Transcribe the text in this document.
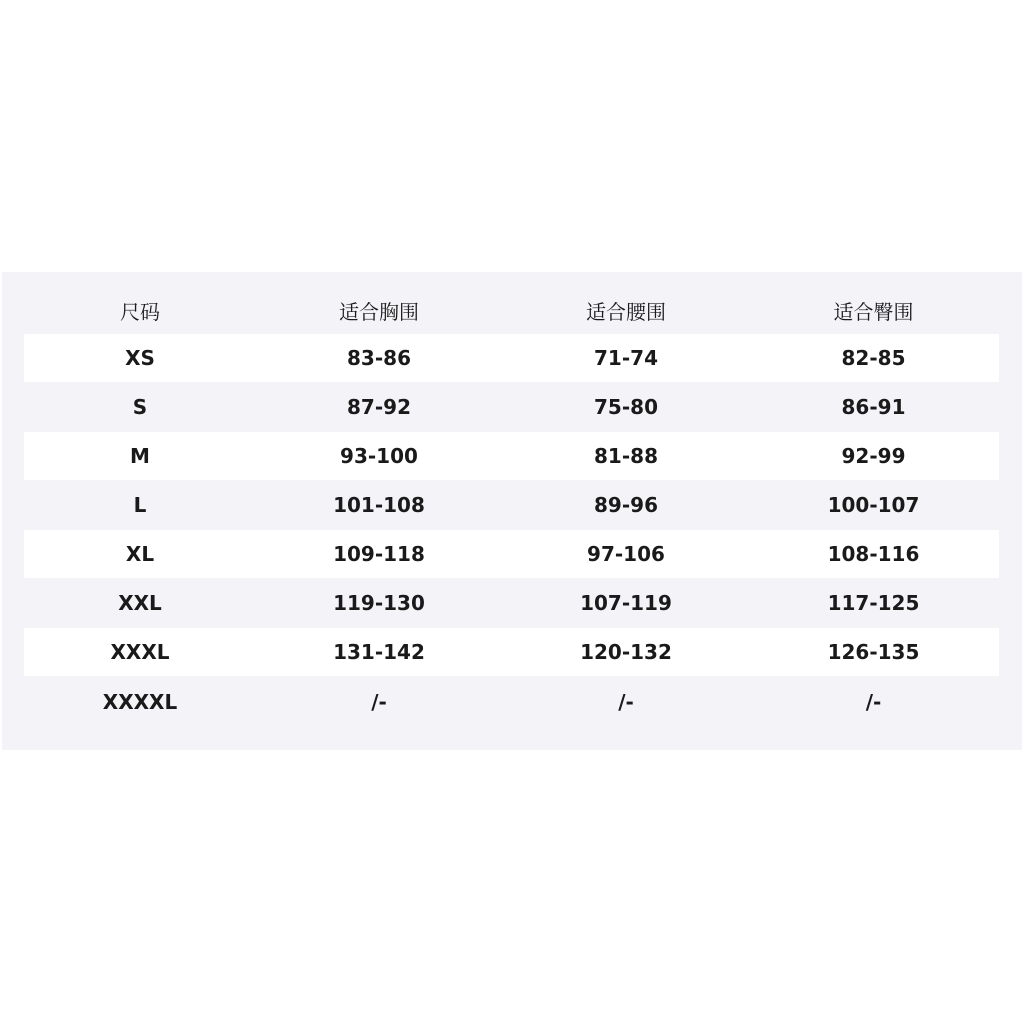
尺码	适合胸围	适合腰围	适合臀围
XS	83-86	71-74	82-85
S	87-92	75-80	86-91
M	93-100	81-88	92-99
L	101-108	89-96	100-107
XL	109-118	97-106	108-116
XXL	119-130	107-119	117-125
XXXL	131-142	120-132	126-135
XXXXL	/-	/-	/-
